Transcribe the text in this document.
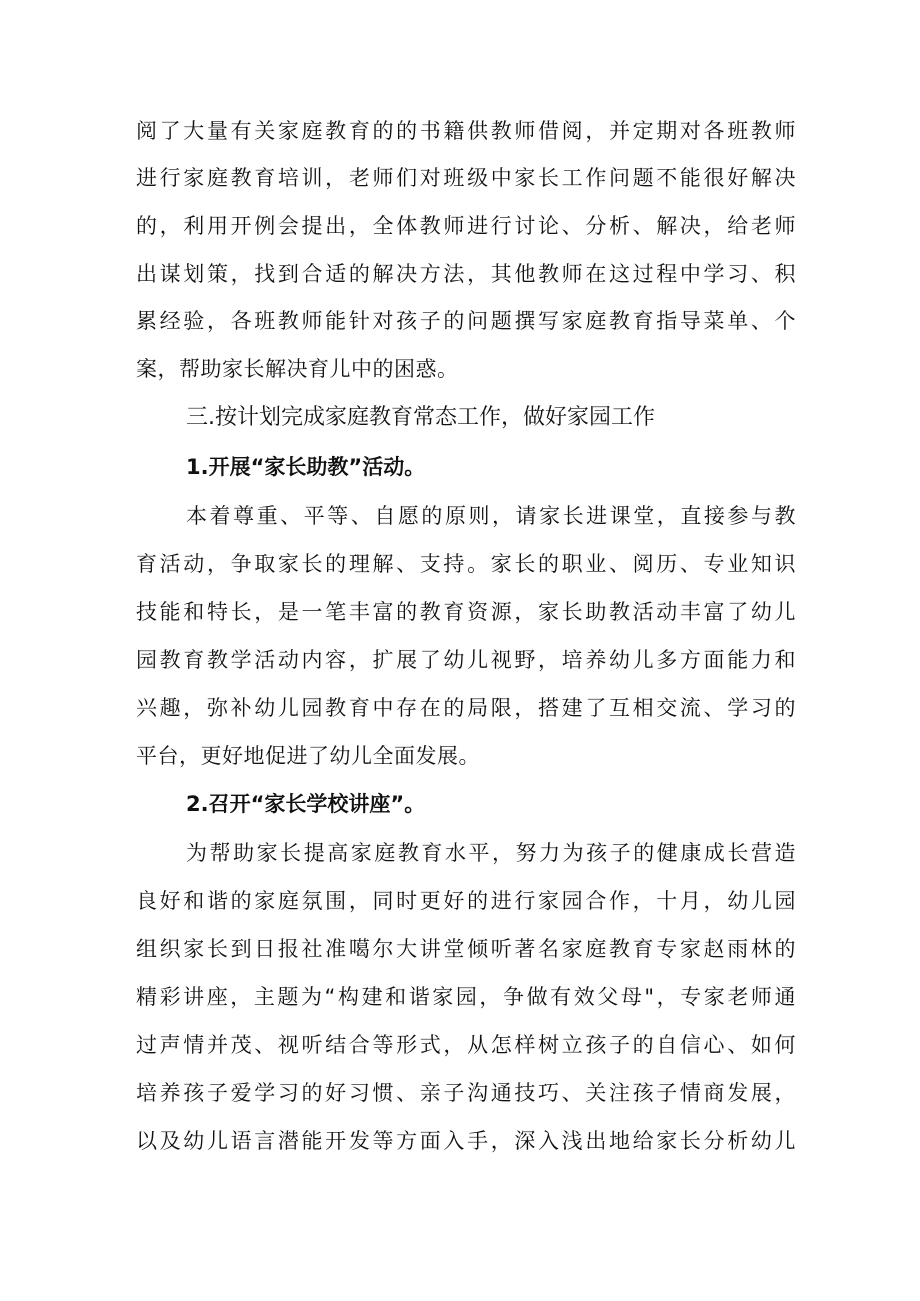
阅了大量有关家庭教育的的书籍供教师借阅，并定期对各班教师
进行家庭教育培训，老师们对班级中家长工作问题不能很好解决
的，利用开例会提出，全体教师进行讨论、分析、解决，给老师
出谋划策，找到合适的解决方法，其他教师在这过程中学习、积
累经验，各班教师能针对孩子的问题撰写家庭教育指导菜单、个
案，帮助家长解决育儿中的困惑。
三.按计划完成家庭教育常态工作，做好家园工作
1.开展“家长助教”活动。
本着尊重、平等、自愿的原则，请家长进课堂，直接参与教
育活动，争取家长的理解、支持。家长的职业、阅历、专业知识
技能和特长，是一笔丰富的教育资源，家长助教活动丰富了幼儿
园教育教学活动内容，扩展了幼儿视野，培养幼儿多方面能力和
兴趣，弥补幼儿园教育中存在的局限，搭建了互相交流、学习的
平台，更好地促进了幼儿全面发展。
2.召开“家长学校讲座”。
为帮助家长提高家庭教育水平，努力为孩子的健康成长营造
良好和谐的家庭氛围，同时更好的进行家园合作，十月，幼儿园
组织家长到日报社准噶尔大讲堂倾听著名家庭教育专家赵雨林的
精彩讲座，主题为“构建和谐家园，争做有效父母"，专家老师通
过声情并茂、视听结合等形式，从怎样树立孩子的自信心、如何
培养孩子爱学习的好习惯、亲子沟通技巧、关注孩子情商发展，
以及幼儿语言潜能开发等方面入手，深入浅出地给家长分析幼儿
